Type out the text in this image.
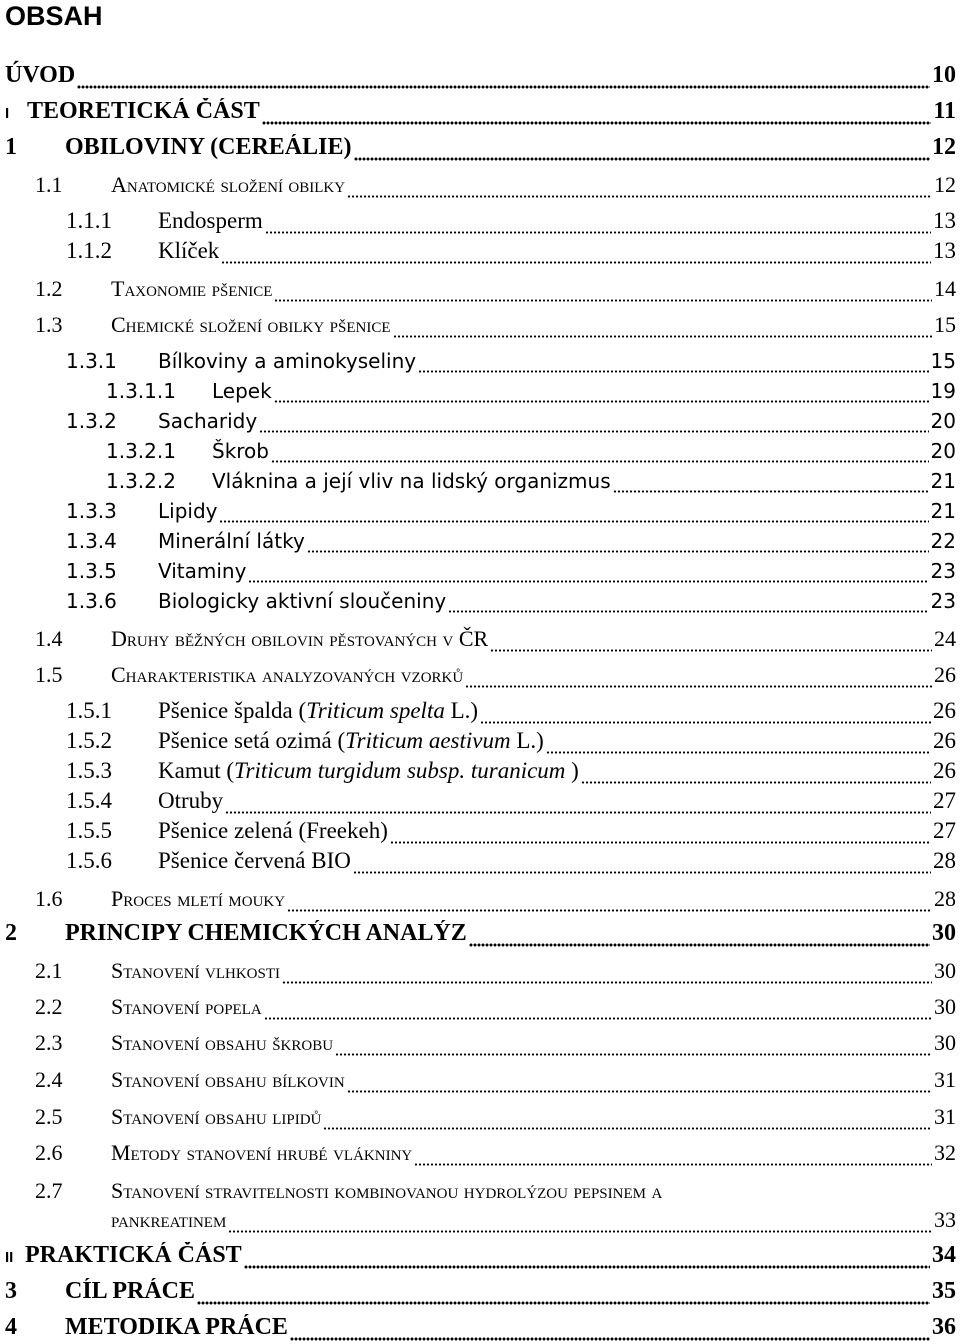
OBSAH
ÚVOD	10
I TEORETICKÁ ČÁST	11
1	OBILOVINY (CEREÁLIE)	12
1.1	Anatomické složení obilky	12
1.1.1	Endosperm	13
1.1.2	Klíček	13
1.2	Taxonomie pšenice	14
1.3	Chemické složení obilky pšenice	15
1.3.1	Bílkoviny a aminokyseliny	15
1.3.1.1	Lepek	19
1.3.2	Sacharidy	20
1.3.2.1	Škrob	20
1.3.2.2	Vláknina a její vliv na lidský organizmus	21
1.3.3	Lipidy	21
1.3.4	Minerální látky	22
1.3.5	Vitaminy	23
1.3.6	Biologicky aktivní sloučeniny	23
1.4	Druhy běžných obilovin pěstovaných v ČR	24
1.5	Charakteristika analyzovaných vzorků	26
1.5.1	Pšenice špalda (Triticum spelta L.)	26
1.5.2	Pšenice setá ozimá (Triticum aestivum L.)	26
1.5.3	Kamut (Triticum turgidum subsp. turanicum )	26
1.5.4	Otruby	27
1.5.5	Pšenice zelená (Freekeh)	27
1.5.6	Pšenice červená BIO	28
1.6	Proces mletí mouky	28
2	PRINCIPY CHEMICKÝCH ANALÝZ	30
2.1	Stanovení vlhkosti	30
2.2	Stanovení popela	30
2.3	Stanovení obsahu škrobu	30
2.4	Stanovení obsahu bílkovin	31
2.5	Stanovení obsahu lipidů	31
2.6	Metody stanovení hrubé vlákniny	32
2.7	Stanovení stravitelnosti kombinovanou hydrolýzou pepsinem a
pankreatinem	33
II PRAKTICKÁ ČÁST	34
3	CÍL PRÁCE	35
4	METODIKA PRÁCE	36
